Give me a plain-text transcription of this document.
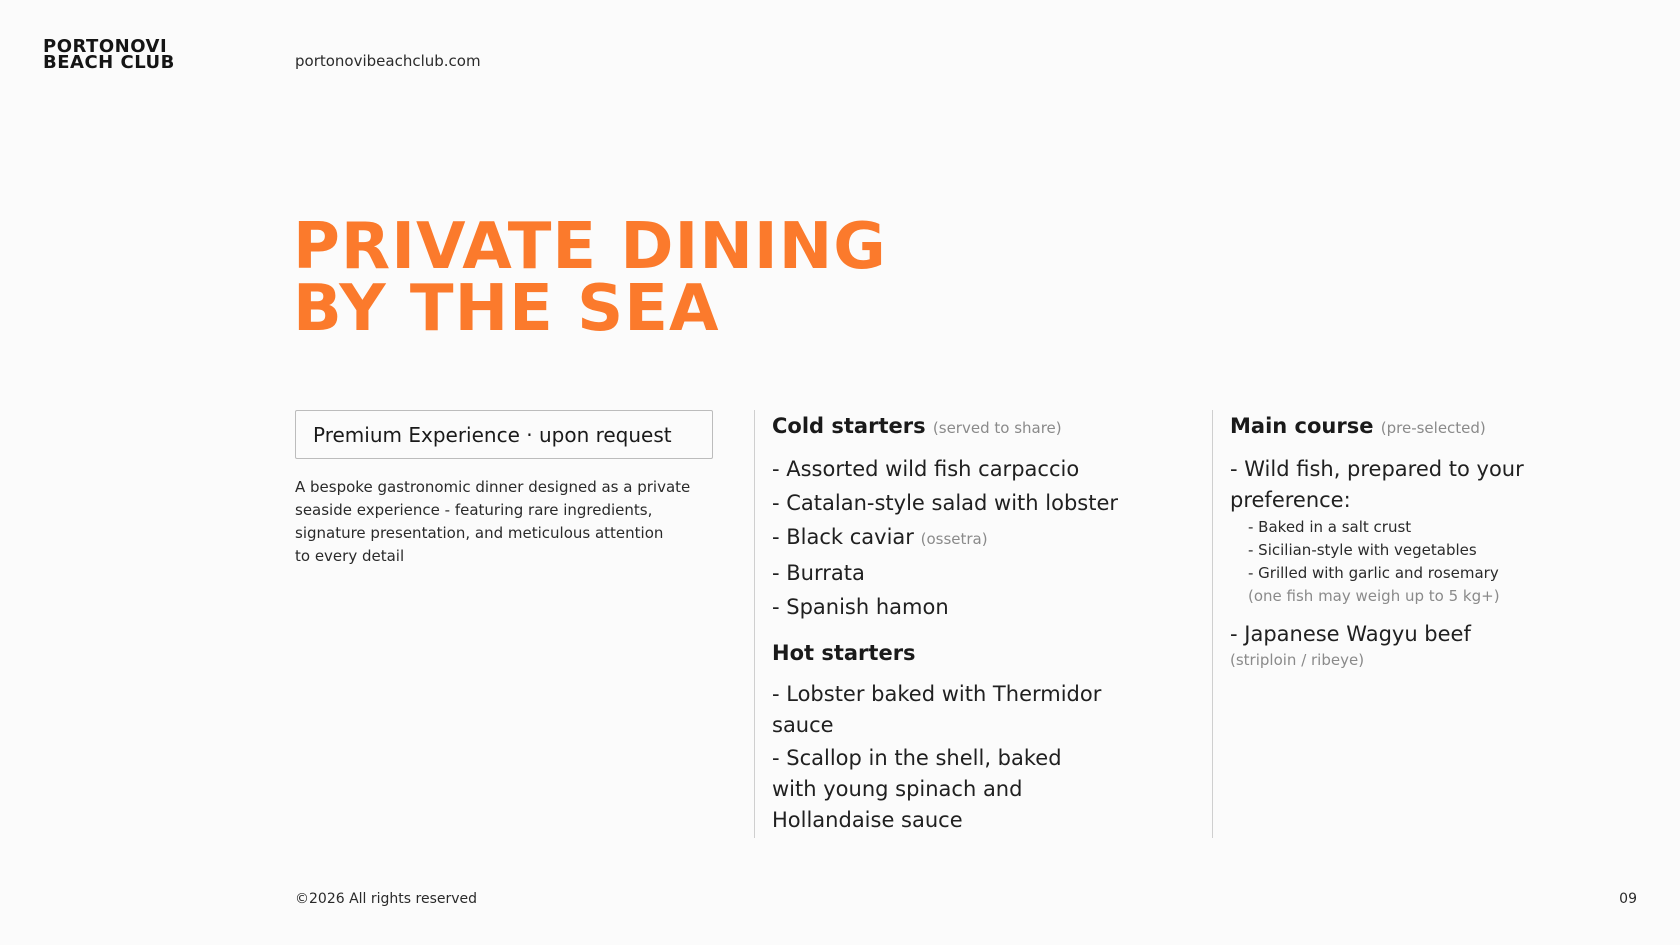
PORTONOVI
BEACH CLUB	portonovibeachclub.com
PRIVATE DINING
BY THE SEA
Premium Experience · upon request
A bespoke gastronomic dinner designed as a private
seaside experience - featuring rare ingredients,
signature presentation, and meticulous attention
to every detail
Cold starters (served to share)
- Assorted wild fish carpaccio
- Catalan-style salad with lobster
- Black caviar (ossetra)
- Burrata
- Spanish hamon
Hot starters
- Lobster baked with Thermidor
sauce
- Scallop in the shell, baked
with young spinach and
Hollandaise sauce
Main course (pre-selected)
- Wild fish, prepared to your
preference:
- Baked in a salt crust
- Sicilian-style with vegetables
- Grilled with garlic and rosemary
(one fish may weigh up to 5 kg+)
- Japanese Wagyu beef
(striploin / ribeye)
©2026 All rights reserved	09
